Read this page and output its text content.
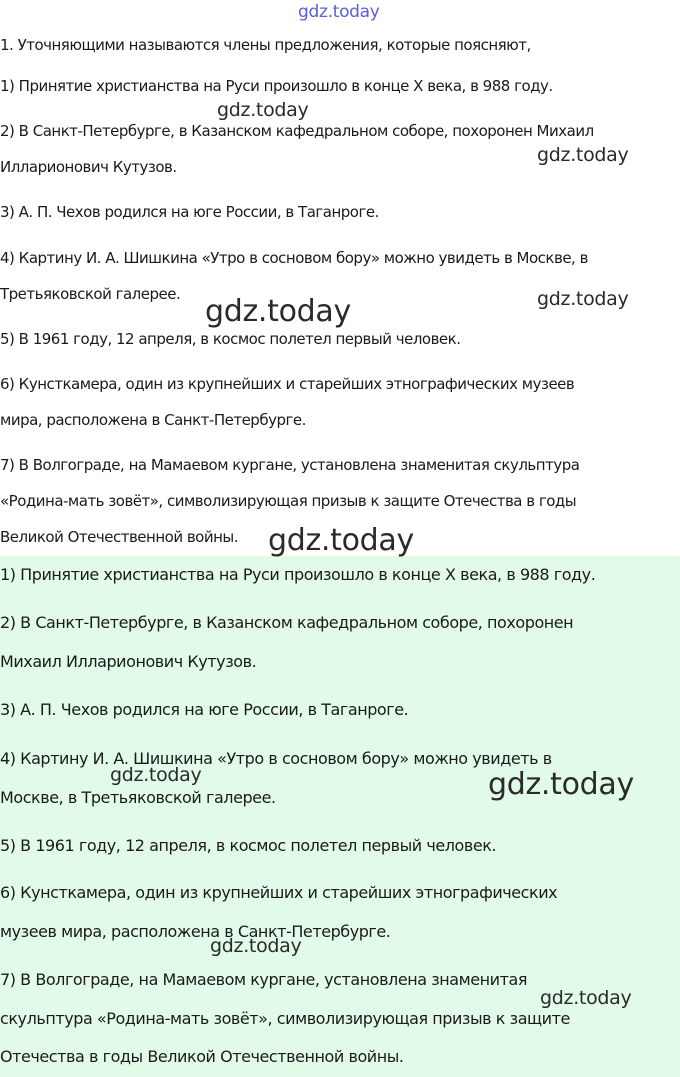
gdz.today

1. Уточняющими называются члены предложения, которые поясняют,

1) Принятие христианства на Руси произошло в конце X века, в 988 году.

2) В Санкт-Петербурге, в Казанском кафедральном соборе, похоронен Михаил

Илларионович Кутузов.

3) А. П. Чехов родился на юге России, в Таганроге.

4) Картину И. А. Шишкина «Утро в сосновом бору» можно увидеть в Москве, в

Третьяковской галерее.

5) В 1961 году, 12 апреля, в космос полетел первый человек.

6) Кунсткамера, один из крупнейших и старейших этнографических музеев

мира, расположена в Санкт-Петербурге.

7) В Волгограде, на Мамаевом кургане, установлена знаменитая скульптура

«Родина-мать зовёт», символизирующая призыв к защите Отечества в годы

Великой Отечественной войны.

1) Принятие христианства на Руси произошло в конце X века, в 988 году.

2) В Санкт-Петербурге, в Казанском кафедральном соборе, похоронен

Михаил Илларионович Кутузов.

3) А. П. Чехов родился на юге России, в Таганроге.

4) Картину И. А. Шишкина «Утро в сосновом бору» можно увидеть в

Москве, в Третьяковской галерее.

5) В 1961 году, 12 апреля, в космос полетел первый человек.

6) Кунсткамера, один из крупнейших и старейших этнографических

музеев мира, расположена в Санкт-Петербурге.

7) В Волгограде, на Мамаевом кургане, установлена знаменитая

скульптура «Родина-мать зовёт», символизирующая призыв к защите

Отечества в годы Великой Отечественной войны.

gdz.today
gdz.today
gdz.today
gdz.today
gdz.today
gdz.today	gdz.today
gdz.today
gdz.today
